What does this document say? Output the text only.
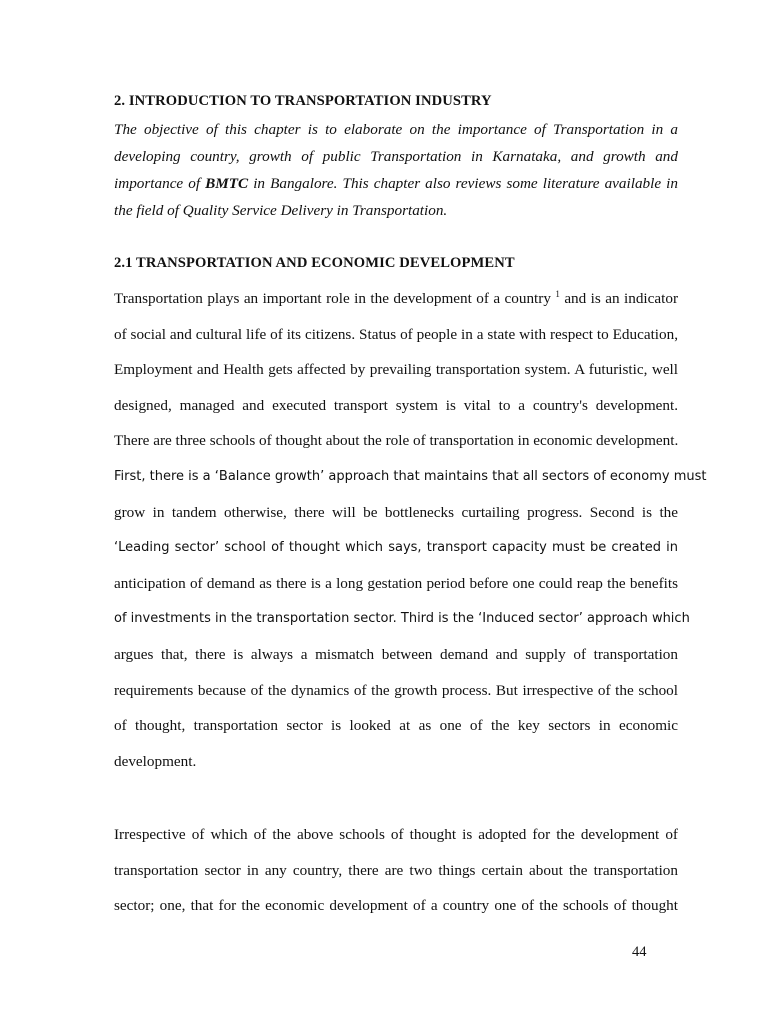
2. INTRODUCTION TO TRANSPORTATION INDUSTRY
The objective of this chapter is to elaborate on the importance of Transportation in a
developing country, growth of public Transportation in Karnataka, and growth and
importance of BMTC in Bangalore. This chapter also reviews some literature available in
the field of Quality Service Delivery in Transportation.
2.1 TRANSPORTATION AND ECONOMIC DEVELOPMENT
Transportation plays an important role in the development of a country $^1$ and is an indicator
of social and cultural life of its citizens. Status of people in a state with respect to Education,
Employment and Health gets affected by prevailing transportation system. A futuristic, well
designed, managed and executed transport system is vital to a country's development.
There are three schools of thought about the role of transportation in economic development.
First, there is a ‘Balance growth’ approach that maintains that all sectors of economy must
grow in tandem otherwise, there will be bottlenecks curtailing progress. Second is the
‘Leading sector’ school of thought which says, transport capacity must be created in
anticipation of demand as there is a long gestation period before one could reap the benefits
of investments in the transportation sector. Third is the ‘Induced sector’ approach which
argues that, there is always a mismatch between demand and supply of transportation
requirements because of the dynamics of the growth process. But irrespective of the school
of thought, transportation sector is looked at as one of the key sectors in economic
development.
Irrespective of which of the above schools of thought is adopted for the development of
transportation sector in any country, there are two things certain about the transportation
sector; one, that for the economic development of a country one of the schools of thought
44
